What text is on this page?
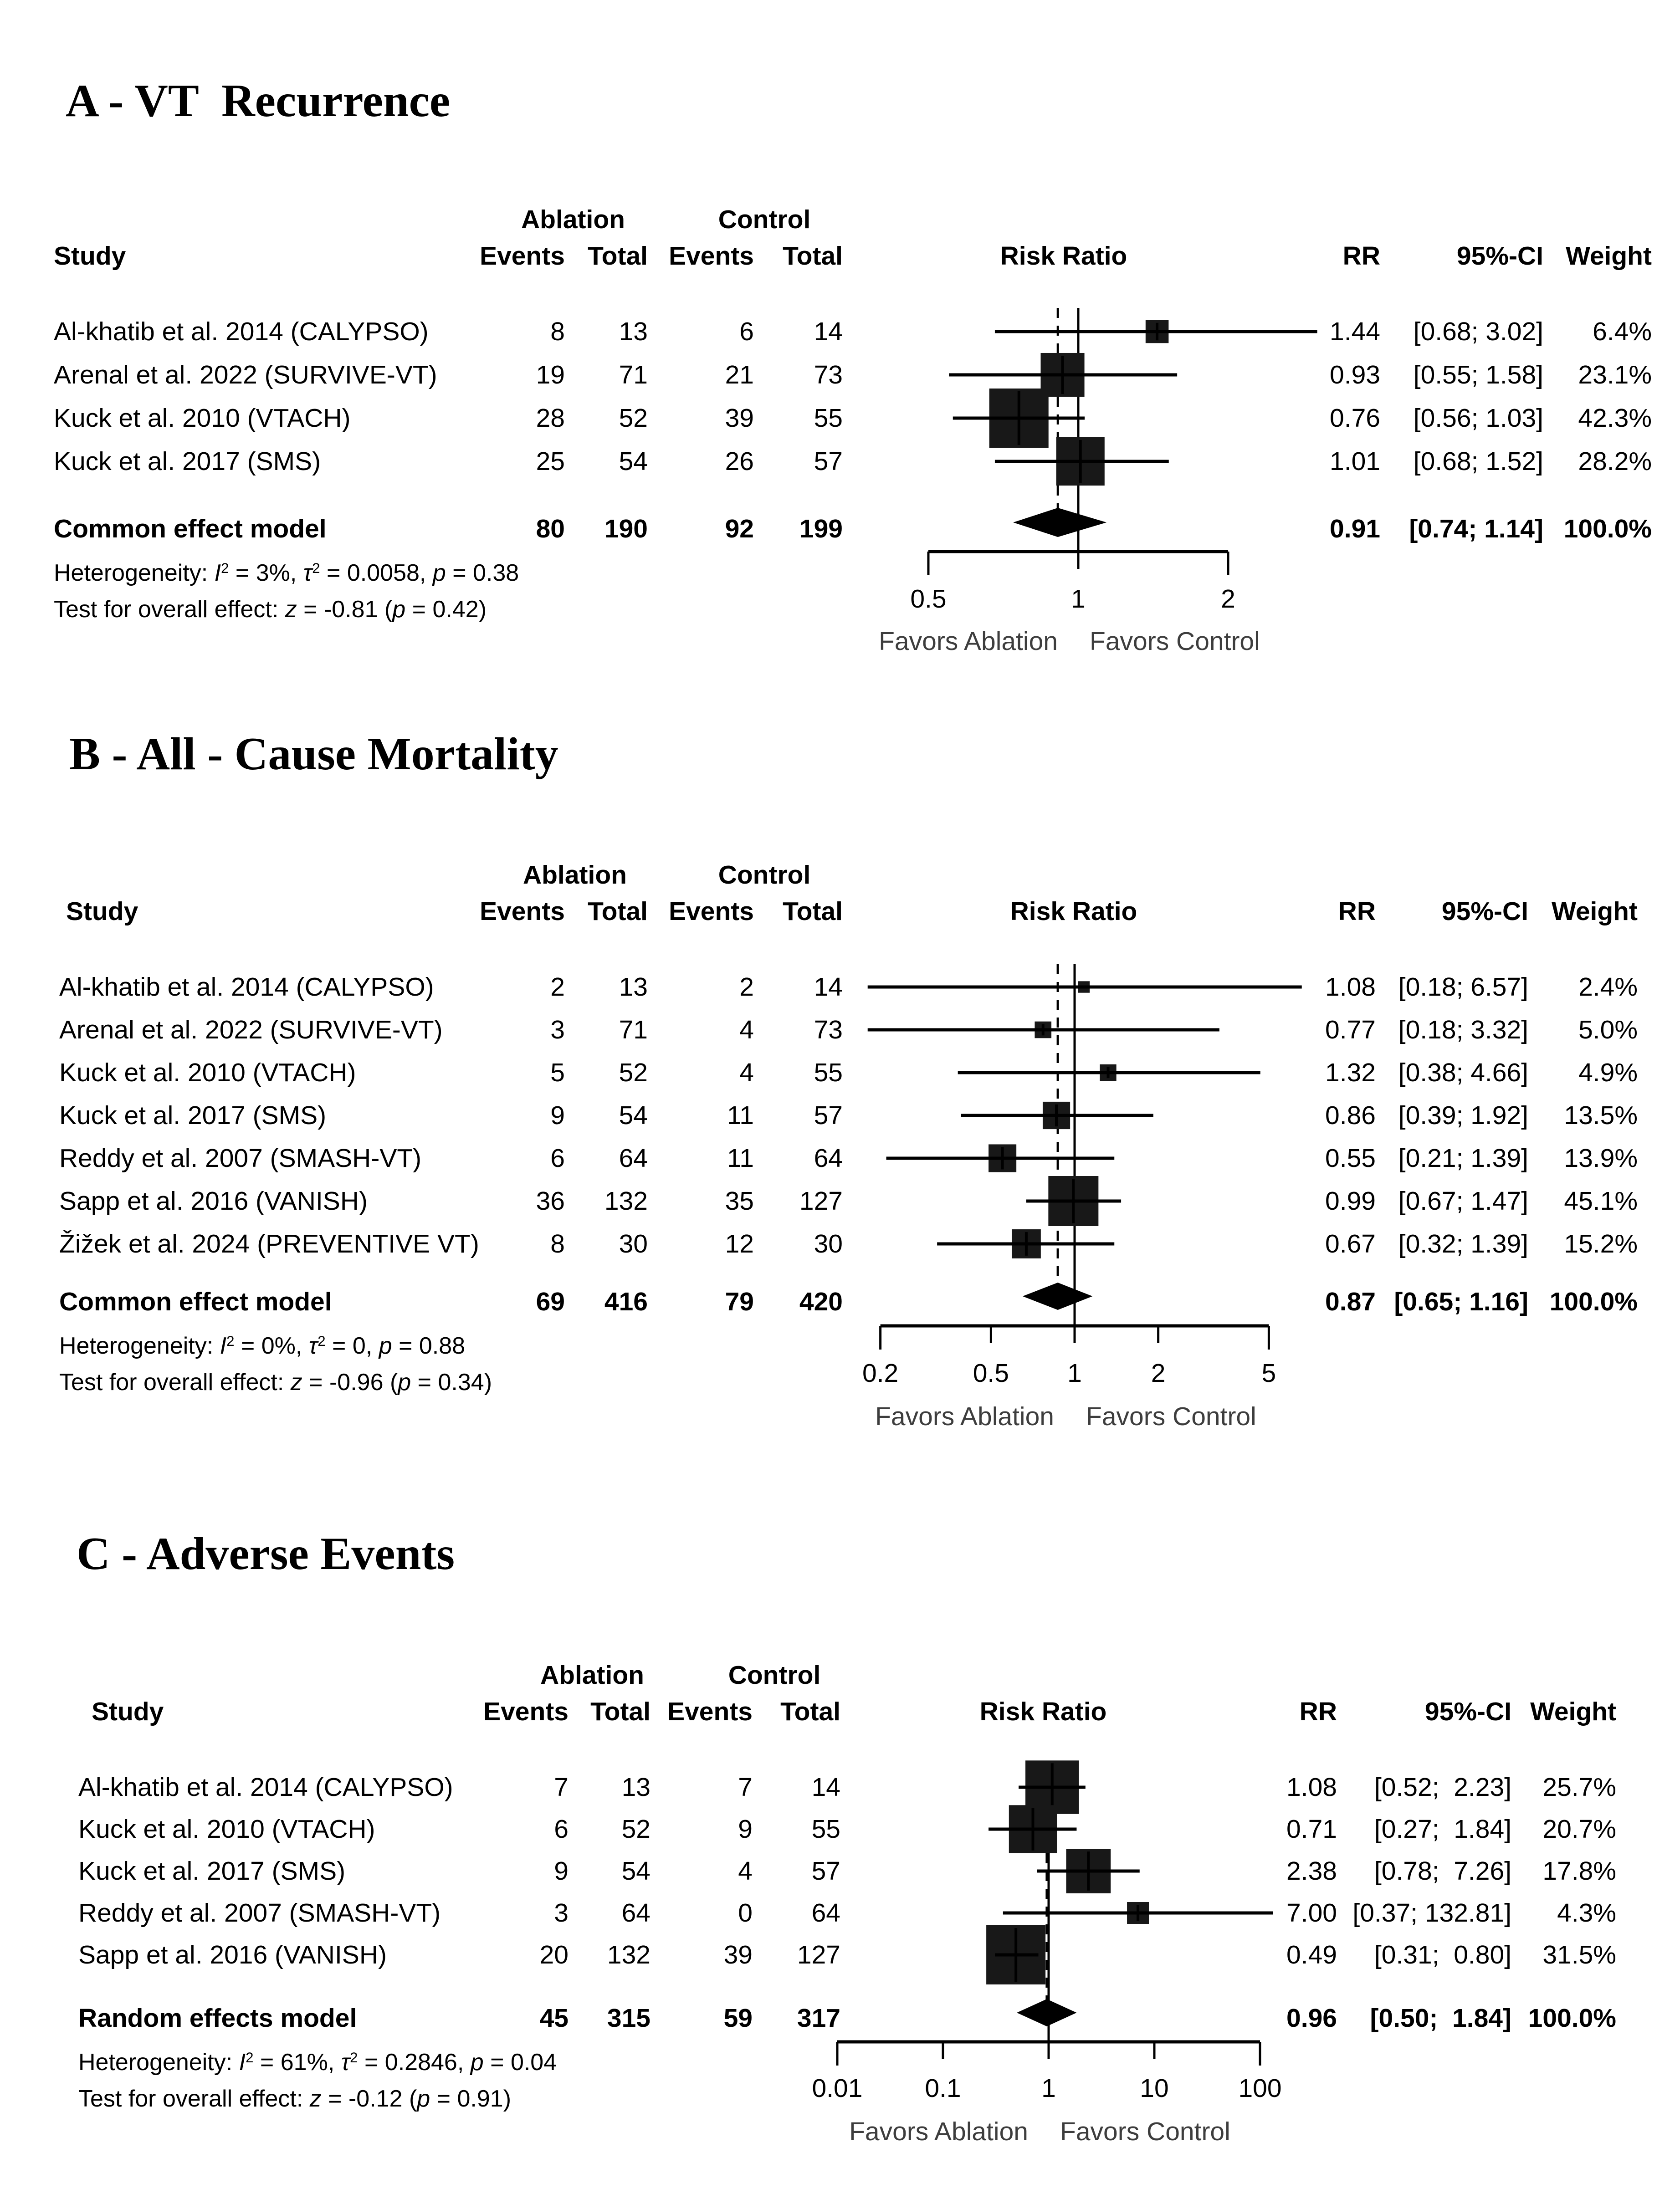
A - VT  Recurrence
Ablation	Control
Study	Events Total Events	Total	Risk Ratio	RR	95%-CI Weight
Al-khatib et al. 2014 (CALYPSO)	8	13	6	14	1.44	[0.68; 3.02]	6.4%
Arenal et al. 2022 (SURVIVE-VT)	19	71	21	73	0.93	[0.55; 1.58]	23.1%
Kuck et al. 2010 (VTACH)	28	52	39	55	0.76	[0.56; 1.03]	42.3%
Kuck et al. 2017 (SMS)	25	54	26	57	1.01	[0.68; 1.52]	28.2%
Common effect model	80	190	92	199	0.91	[0.74; 1.14] 100.0%
Heterogeneity: $I^2 = 3\%$, $\tau^2 = 0.0058$, p = 0.38
Test for overall effect: z = -0.81 (p = 0.42)	0.5	1	2
Favors Ablation Favors Control
B - All - Cause Mortality
Ablation	Control
Study	Events Total Events	Total	Risk Ratio	RR	95%-CI Weight
Al-khatib et al. 2014 (CALYPSO)	2	13	2	14	1.08 [0.18; 6.57]	2.4%
Arenal et al. 2022 (SURVIVE-VT)	3	71	4	73	0.77 [0.18; 3.32]	5.0%
Kuck et al. 2010 (VTACH)	5	52	4	55	1.32 [0.38; 4.66]	4.9%
Kuck et al. 2017 (SMS)	9	54	11	57	0.86 [0.39; 1.92]	13.5%
Reddy et al. 2007 (SMASH-VT)	6	64	11	64	0.55 [0.21; 1.39]	13.9%
Sapp et al. 2016 (VANISH)	36	132	35	127	0.99 [0.67; 1.47]	45.1%
Žižek et al. 2024 (PREVENTIVE VT)	8	30	12	30	0.67 [0.32; 1.39]	15.2%
Common effect model	69	416	79	420	0.87 [0.65; 1.16] 100.0%
Heterogeneity: $I^2 = 0\%$, $\tau^2 = 0$, p = 0.88
Test for overall effect: z = -0.96 (p = 0.34)	0.2	0.5	1	2	5
Favors Ablation Favors Control
C - Adverse Events
Ablation	Control
Study	Events Total Events	Total	Risk Ratio	RR	95%-CI Weight
Al-khatib et al. 2014 (CALYPSO)	7	13	7	14	1.08	[0.52;  2.23]	25.7%
Kuck et al. 2010 (VTACH)	6	52	9	55	0.71	[0.27;  1.84]	20.7%
Kuck et al. 2017 (SMS)	9	54	4	57	2.38	[0.78;  7.26]	17.8%
Reddy et al. 2007 (SMASH-VT)	3	64	0	64	7.00 [0.37; 132.81]	4.3%
Sapp et al. 2016 (VANISH)	20	132	39	127	0.49	[0.31;  0.80]	31.5%
Random effects model	45	315	59	317	0.96	[0.50;  1.84] 100.0%
Heterogeneity: $I^2 = 61\%$, $\tau^2 = 0.2846$, p = 0.04
Test for overall effect: z = -0.12 (p = 0.91)	0.01	0.1	1	10	100
Favors Ablation Favors Control
